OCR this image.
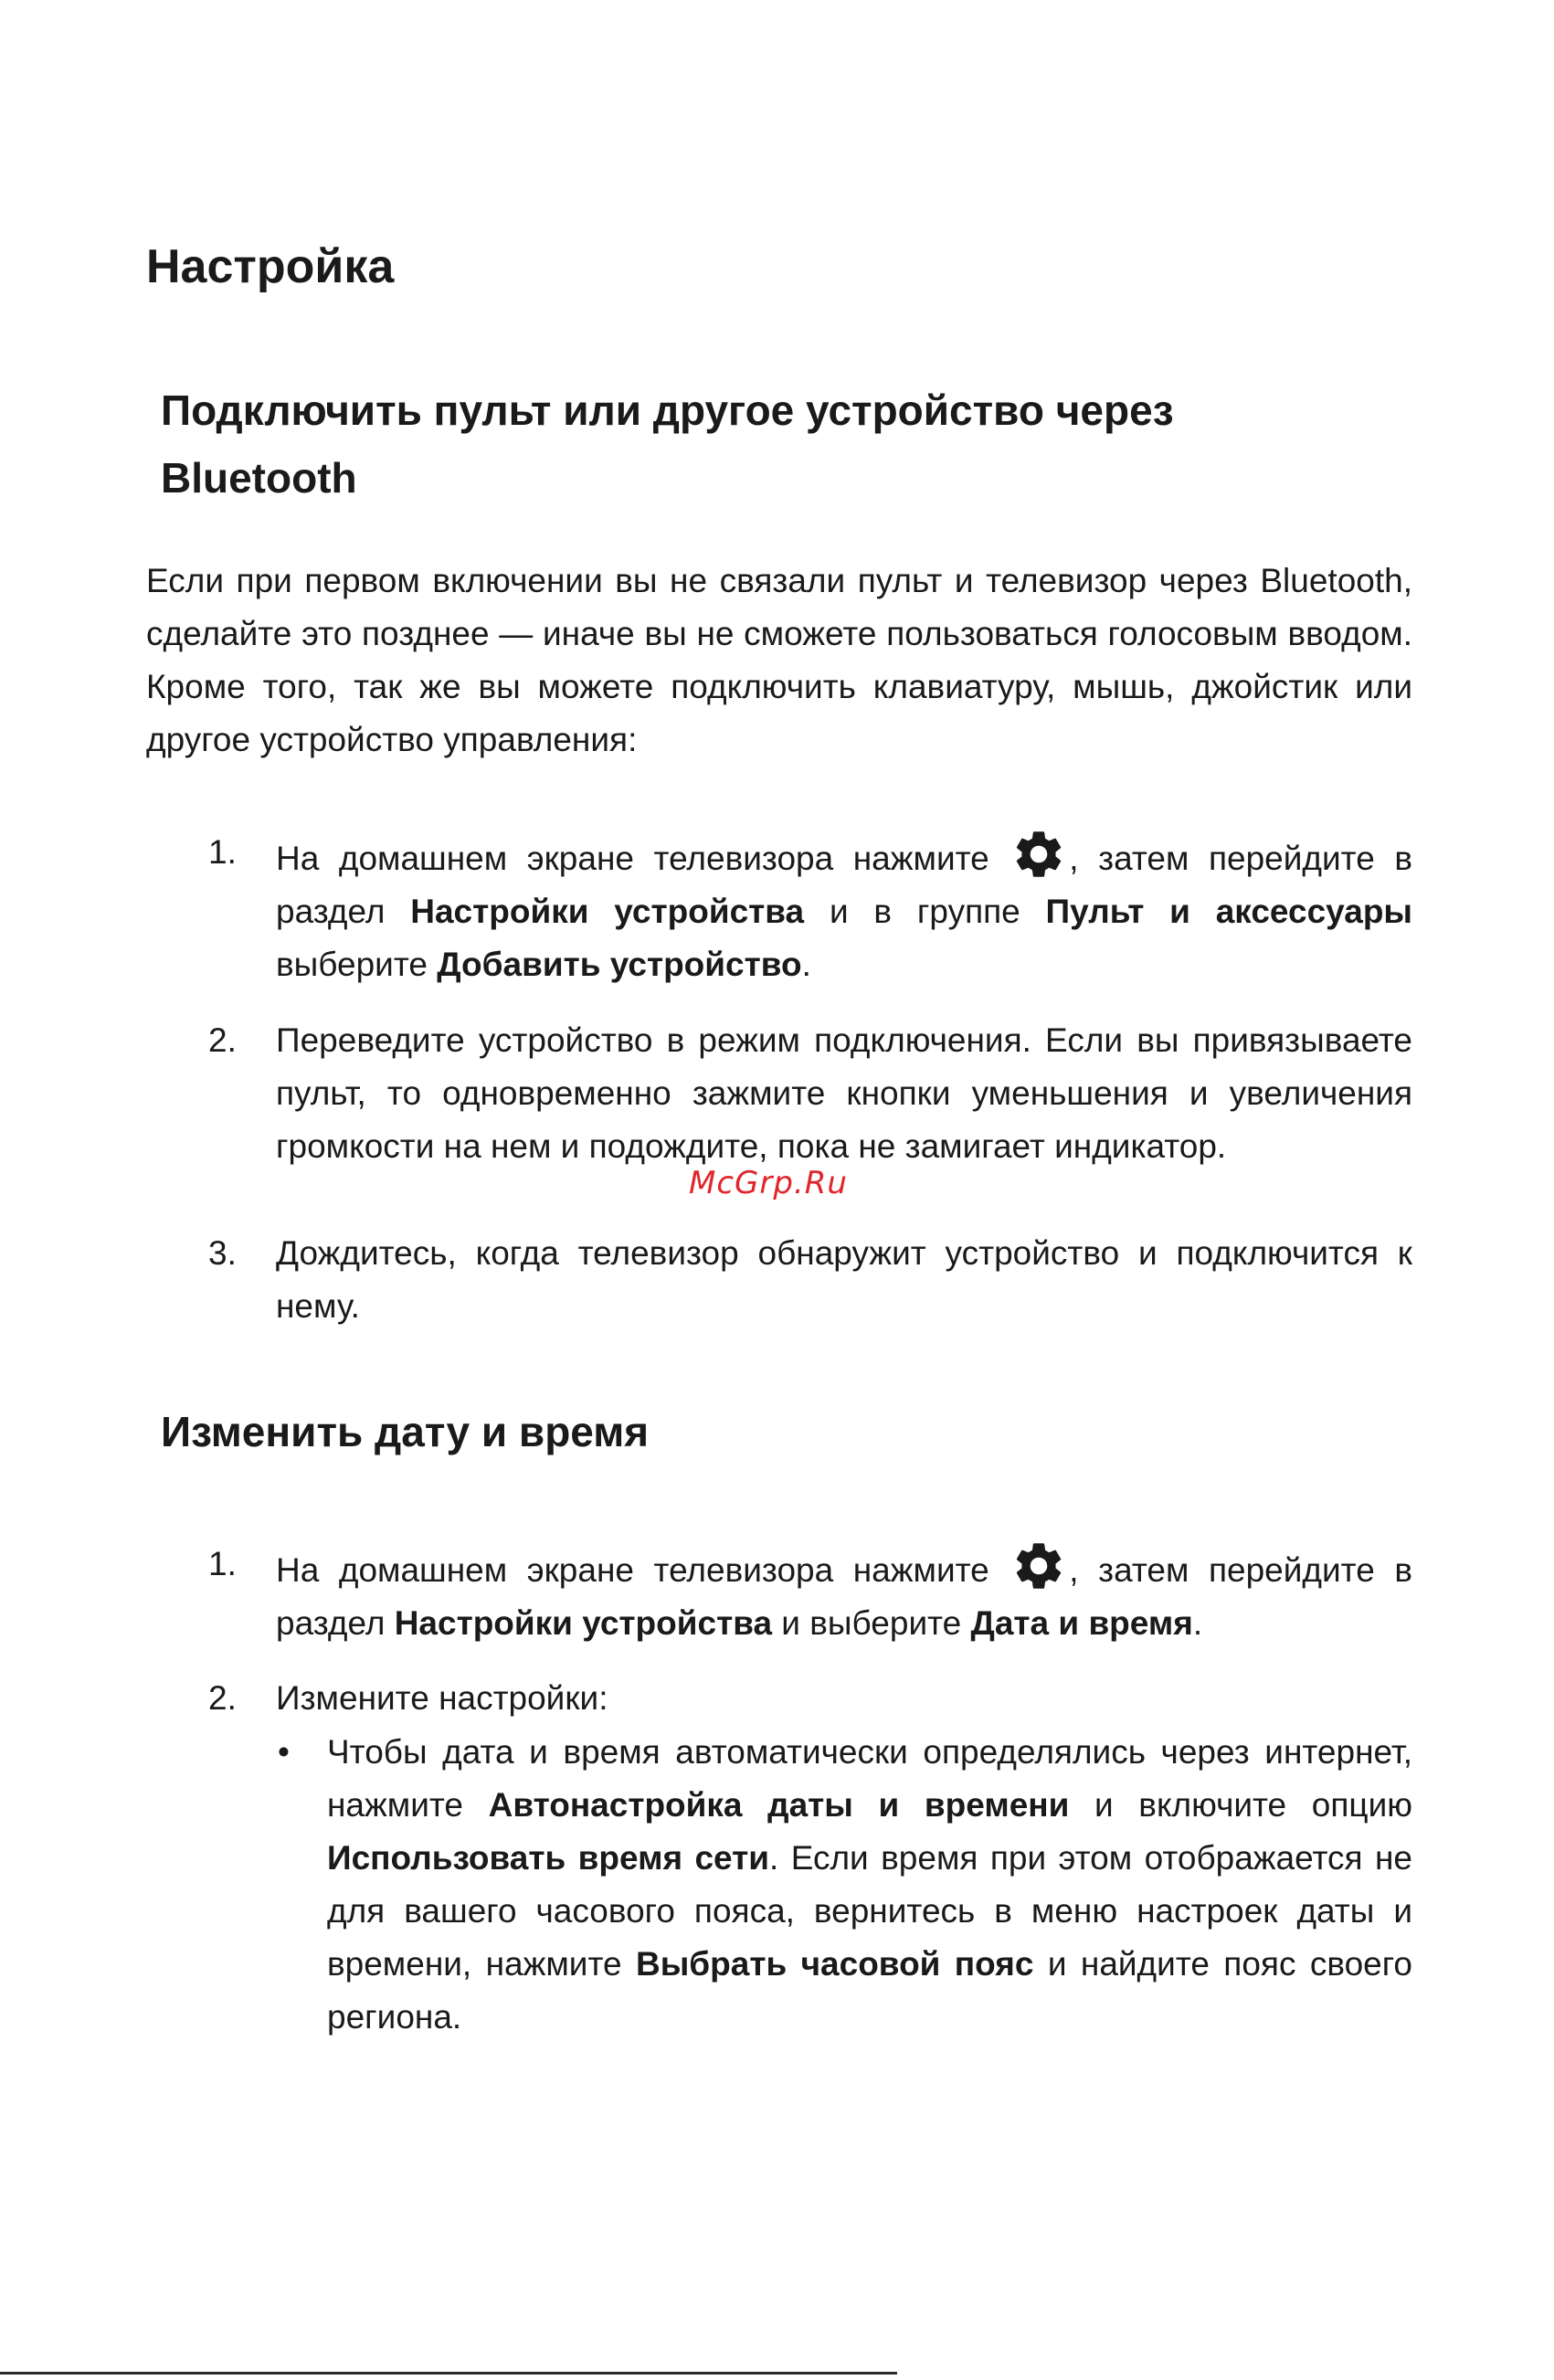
Настройка
Подключить пульт или другое устройство через
Bluetooth

Если при первом включении вы не связали пульт и телевизор через Bluetooth, сделайте это позднее — иначе вы не сможете пользоваться голосовым вводом. Кроме того, так же вы можете подключить клавиатуру, мышь, джойстик или другое устройство управления:

1. На домашнем экране телевизора нажмите
, затем перейдите в раздел Настройки устройства и в группе Пульт и аксессуары выберите Добавить устройство.

2. Переведите устройство в режим подключения. Если вы привязываете пульт, то одновременно зажмите кнопки уменьшения и увеличения громкости на нем и подождите, пока не замигает индикатор.

McGrp.Ru
3. Дождитесь, когда телевизор обнаружит устройство и подключится к нему.

Изменить дату и время
1. На домашнем экране телевизора нажмите
, затем перейдите в раздел Настройки устройства и выберите Дата и время.

2. Измените настройки:

• Чтобы дата и время автоматически определялись через интернет, нажмите Автонастройка даты и времени и включите опцию Использовать время сети. Если время при этом отображается не для вашего часового пояса, вернитесь в меню настроек даты и времени, нажмите Выбрать часовой пояс и найдите пояс своего региона.
